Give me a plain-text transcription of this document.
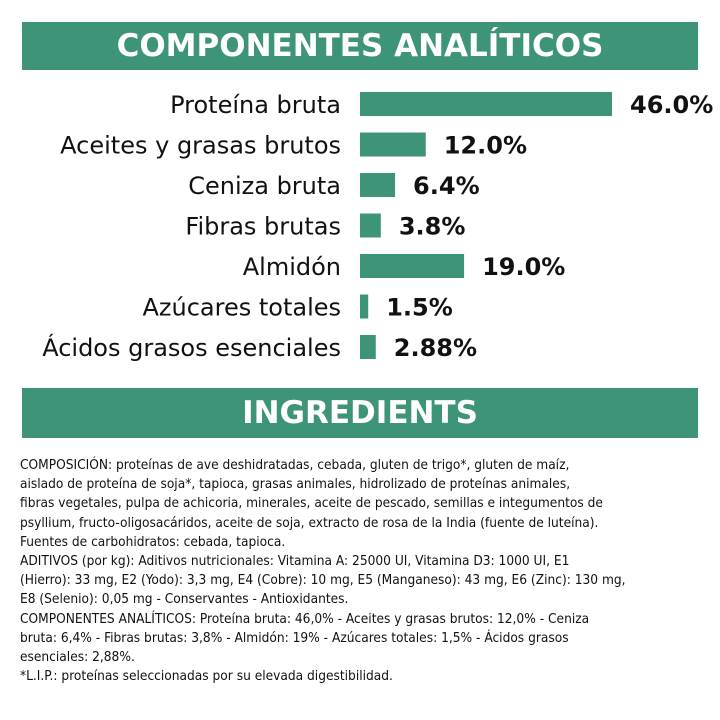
COMPONENTES ANALÍTICOS
Proteína bruta	46.0%
Aceites y grasas brutos	12.0%
Ceniza bruta	6.4%
Fibras brutas 3.8%
Almidón	19.0%
Azúcares totales 1.5%
Ácidos grasos esenciales 2.88%
INGREDIENTS

COMPOSICIÓN: proteínas de ave deshidratadas, cebada, gluten de trigo*, gluten de maíz,

aislado de proteína de soja*, tapioca, grasas animales, hidrolizado de proteínas animales,

fibras vegetales, pulpa de achicoria, minerales, aceite de pescado, semillas e integumentos de

psyllium, fructo-oligosacáridos, aceite de soja, extracto de rosa de la India (fuente de luteína).

Fuentes de carbohidratos: cebada, tapioca.

ADITIVOS (por kg): Aditivos nutricionales: Vitamina A: 25000 UI, Vitamina D3: 1000 UI, E1

(Hierro): 33 mg, E2 (Yodo): 3,3 mg, E4 (Cobre): 10 mg, E5 (Manganeso): 43 mg, E6 (Zinc): 130 mg,

E8 (Selenio): 0,05 mg - Conservantes - Antioxidantes.

COMPONENTES ANALÍTICOS: Proteína bruta: 46,0% - Aceites y grasas brutos: 12,0% - Ceniza

bruta: 6,4% - Fibras brutas: 3,8% - Almidón: 19% - Azúcares totales: 1,5% - Ácidos grasos

esenciales: 2,88%.

*L.I.P.: proteínas seleccionadas por su elevada digestibilidad.
